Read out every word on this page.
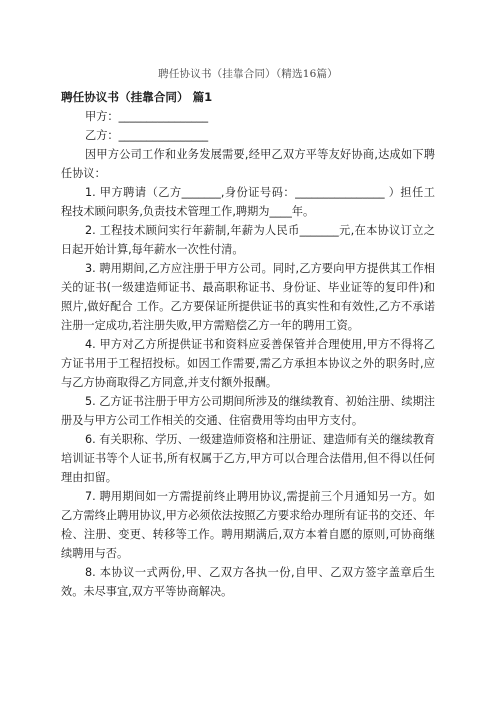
聘任协议书（挂靠合同）（精选16篇）

聘任协议书（挂靠合同） 篇1

甲方：________________

乙方：________________

因甲方公司工作和业务发展需要,经甲乙双方平等友好协商,达成如下聘任协议：

1. 甲方聘请（乙方_______,身份证号码：________________ ）担任工程技术顾问职务,负责技术管理工作,聘期为____年。

2. 工程技术顾问实行年薪制,年薪为人民币_______元,在本协议订立之日起开始计算,每年薪水一次性付清。

3. 聘用期间,乙方应注册于甲方公司。同时,乙方要向甲方提供其工作相关的证书(一级建造师证书、最高职称证书、身份证、毕业证等的复印件)和照片,做好配合 工作。乙方要保证所提供证书的真实性和有效性,乙方不承诺注册一定成功,若注册失败,甲方需赔偿乙方一年的聘用工资。

4. 甲方对乙方所提供证书和资料应妥善保管并合理使用,甲方不得将乙方证书用于工程招投标。如因工作需要,需乙方承担本协议之外的职务时,应与乙方协商取得乙方同意,并支付额外报酬。

5. 乙方证书注册于甲方公司期间所涉及的继续教育、初始注册、续期注册及与甲方公司工作相关的交通、住宿费用等均由甲方支付。

6. 有关职称、学历、一级建造师资格和注册证、建造师有关的继续教育培训证书等个人证书,所有权属于乙方,甲方可以合理合法借用,但不得以任何理由扣留。

7. 聘用期间如一方需提前终止聘用协议,需提前三个月通知另一方。如乙方需终止聘用协议,甲方必须依法按照乙方要求给办理所有证书的交还、年检、注册、变更、转移等工作。聘用期满后,双方本着自愿的原则,可协商继续聘用与否。

8. 本协议一式两份,甲、乙双方各执一份,自甲、乙双方签字盖章后生效。未尽事宜,双方平等协商解决。
